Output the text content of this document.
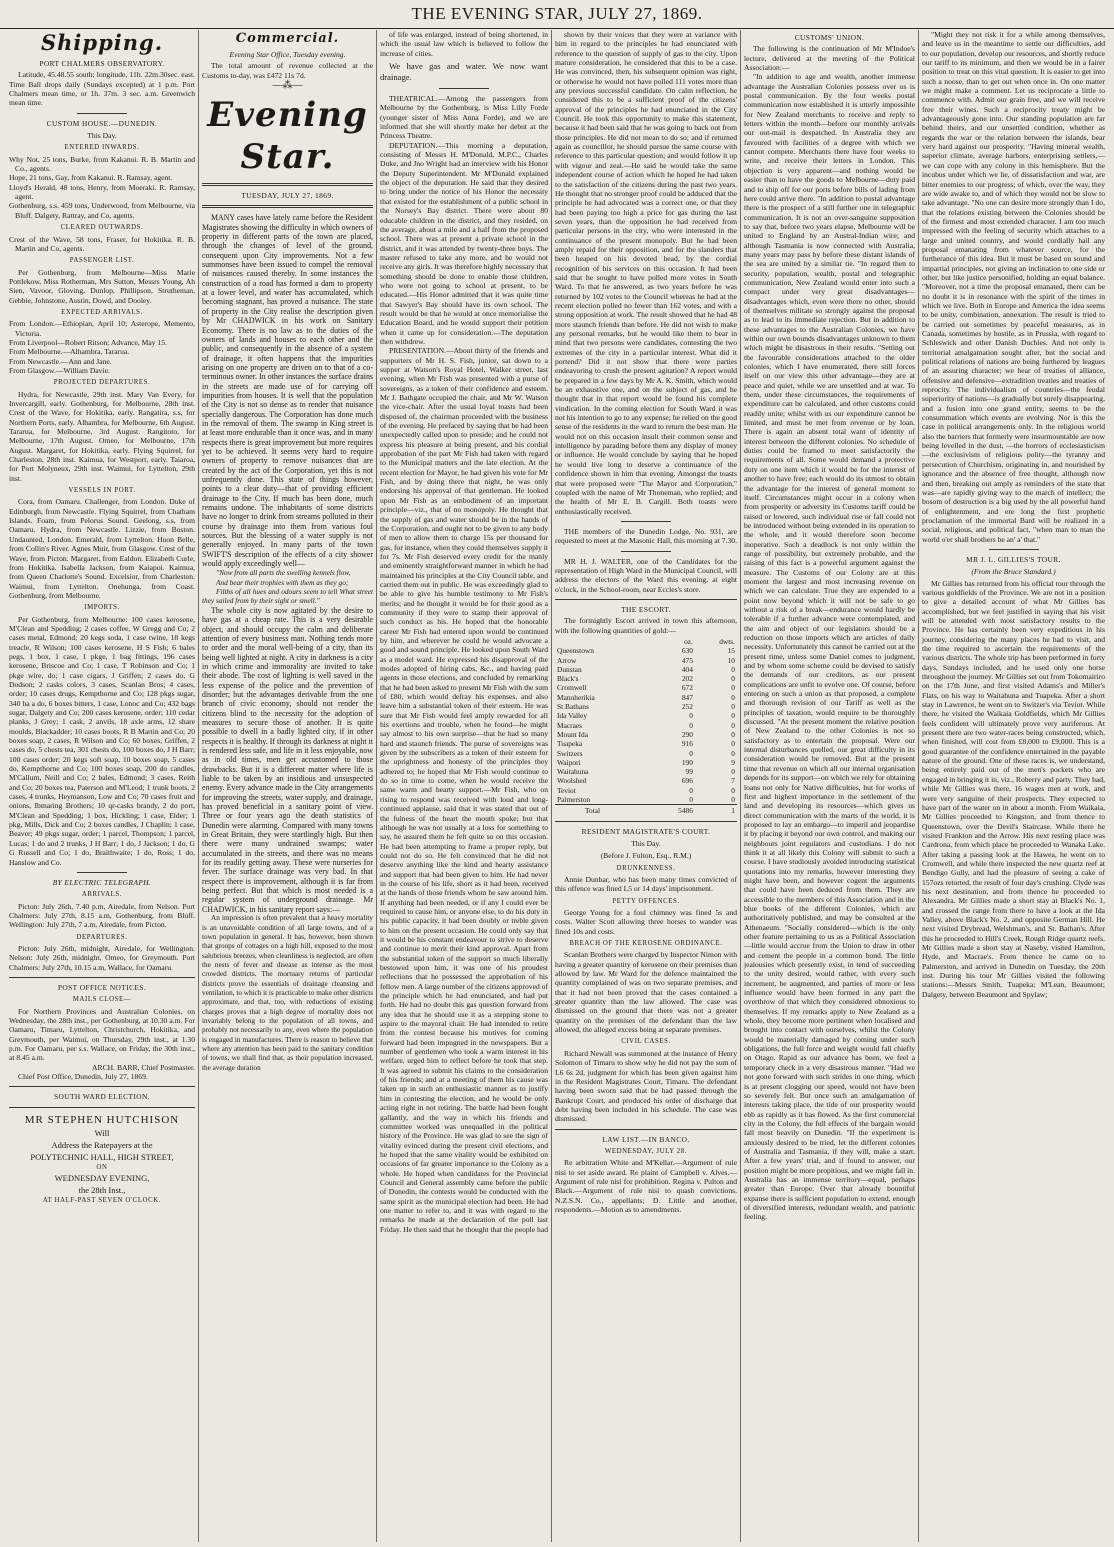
THE EVENING STAR, JULY 27, 1869.

Shipping.

PORT CHALMERS OBSERVATORY.

Latitude, 45.48.55 south; longitude, 11h. 22m.30sec. east. Time Ball drops daily (Sundays excepted) at 1 p.m. Port Chalmers mean time, or 1h. 37m. 3 sec. a.m. Greenwich mean time.

CUSTOM HOUSE.—DUNEDIN.

This Day.

ENTERED INWARDS.

Why Not, 25 tons, Burke, from Kakanui. R. B. Martin and Co., agents.

Hope, 21 tons, Gay, from Kakanui. R. Ramsay, agent.

Lloyd's Herald, 48 tons, Henry, from Moeraki. R. Ramsay, agent.

Gothenburg, s.s. 459 tons, Underwood, from Melbourne, via Bluff. Dalgety, Rattray, and Co, agents.

CLEARED OUTWARDS.

Crest of the Wave, 58 tons, Fraser, for Hokitika. R. B. Martin and Co, agents.

PASSENGER LIST.

Per Gothenburg, from Melbourne—Miss Marie Pottlekow, Miss Rotherman, Mrs Sutton, Messrs Young, Ah Sien, Vavoor, Gloving, Dunlop, Phillipson, Strutheman, Gebbie, Johnstone, Austin, Dowd, and Dooley.

EXPECTED ARRIVALS.

From London.—Ethiopian, April 10; Asterope, Memento, Victoria.

From Liverpool—Robert Ritson; Advance, May 15.

From Melbourne.—Alhambra, Tararua.

From Newcastle.—Ann and Jane.

From Glasgow.—William Davie.

PROJECTED DEPARTURES.

Hydra, for Newcastle, 29th inst. Mary Van Every, for Invercargill, early. Gothenburg, for Melbourne, 28th inst. Crest of the Wave, for Hokitika, early. Rangatira, s.s, for Northern Ports, early. Alhambra, for Melbourne, 6th August. Tararua, for Melbourne, 3rd August. Rangitoto, for Melbourne, 17th August. Omeo, for Melbourne, 17th August. Margaret, for Hokitika, early. Flying Squirrel, for Charleston, 28th inst. Kaimua, for Westport, early. Taiaroa, for Port Molyneux, 29th inst. Waimui, for Lyttelton, 29th inst.

VESSELS IN PORT.

Cora, from Oamaru. Challenger, from London. Duke of Edinburgh, from Newcastle. Flying Squirrel, from Chatham Islands. Foam, from Pelorus Sound. Geelong, s.s, from Oamaru. Hydra, from Newcastle. Lizzie, from Boston. Undaunted, London. Emerald, from Lyttelton. Huon Belle, from Collin's River. Agnes Muir, from Glasgow. Crest of the Wave, from Picton. Margaret, from Ealdon. Elizabeth Curle, from Hokitika. Isabella Jackson, from Kaiapoi. Kaimua, from Queen Charlotte's Sound. Excelsior, from Charleston. Waimui, from Lyttelton. Onehunga, from Coast. Gothenburg, from Melbourne.

IMPORTS.

Per Gothenburg, from Melbourne: 100 cases kerosene, M'Clean and Spedding; 2 cases coffee, W Gregg and Co; 2 cases metal, Edmond; 20 kegs soda, 1 case twine, 18 kegs treacle, R Wilson; 100 cases kerosene, H S Fish; 6 bales pegs, 1 box, 1 case, 1 pkge, 1 bag fittings, 196 cases kerosene, Briscoe and Co; 1 case, T Robinson and Co; 1 pkge wire, do; 1 case cigars, J Griffen; 2 cases do, G Dodson; 2 casks colors, 3 cases, Scanlan Bros; 4 cases, order; 10 cases drugs, Kempthorne and Co; 128 pkgs sugar, 340 ha a do, 6 boxes bitters, 1 case, Lonoc and Co; 432 bags sugar, Dalgety and Co; 200 cases kerosene, order; 110 cedar planks, J Grey; 1 cask, 2 anvils, 18 axle arms, 12 share moulds, Blackadder; 10 cases boots, R B Martin and Co; 20 boxes soap, 2 cases, R Wilson and Co; 60 boxes, Griffen, 2 cases do, 5 chests tea, 301 chests do, 100 boxes do, J H Barr; 100 cases order; 20 kegs soft soap, 10 boxes soap, 5 cases do, Kempthorne and Co; 100 boxes soap, 200 do candles, M'Callum, Neill and Co; 2 bales, Edmond; 3 cases, Reith and Co; 20 boxes tea, Paterson and M'Leod; 1 trunk boots, 2 cases, 4 trunks, Heymanson, Low and Co; 70 cases fruit and onions, Ibmaring Brothers; 10 qr-casks brandy, 2 do port, M'Clean and Spedding; 1 box, Hickling; 1 case, Elder; 1 pkg, Mills, Dick and Co; 2 boxes candles, J Chaplin; 1 case, Beaver; 49 pkgs sugar, order; 1 parcel, Thompson; 1 parcel, Lucas; 1 do and 2 trunks, J H Barr; 1 do, J Jackson; 1 do, G G Russell and Co; 1 do, Braithwaite; 1 do, Ross; 1 do, Hanslow and Co.

BY ELECTRIC TELEGRAPH.

ARRIVALS.

Picton: July 26th, 7.40 p.m, Airedale, from Nelson. Port Chalmers: July 27th, 8.15 a.m, Gothenburg, from Bluff. Wellington: July 27th, 7 a.m, Airedale, from Picton.

DEPARTURES.

Picton: July 26th, midnight, Airedale, for Wellington. Nelson: July 26th, midnight, Omeo, for Greymouth. Port Chalmers: July 27th, 10.15 a.m, Wallace, for Oamaru.

POST OFFICE NOTICES.

MAILS CLOSE—

For Northern Provinces and Australian Colonies, on Wednesday, the 28th inst., per Gothenburg, at 10.30 a.m. For Oamaru, Timaru, Lyttelton, Christchurch, Hokitika, and Greymouth, per Waimui, on Thursday, 29th inst., at 1.30 p.m. For Oamaru, per s.s. Wallace, on Friday, the 30th inst., at 8.45 a.m.

ARCH. BARR, Chief Postmaster.

Chief Post Office, Dunedin, July 27, 1869.

SOUTH WARD ELECTION.

MR STEPHEN HUTCHISON

Will

Address the Ratepayers at the

POLYTECHNIC HALL, HIGH STREET,

ON

WEDNESDAY EVENING,

the 28th Inst.,

AT HALF-PAST SEVEN O'CLOCK.

Commercial.

Evening Star Office, Tuesday evening.

The total amount of revenue collected at the Customs to-day, was £472 11s 7d.

—⁂—

Evening Star.

TUESDAY, JULY 27, 1869.

MANY cases have lately came before the Resident Magistrates showing the difficulty in which owners of property in different parts of the town are placed, through the changes of level of the ground, consequent upon City improvements. Not a few summonses have been issued to compel the removal of nuisances caused thereby. In some instances the construction of a road has formed a dam to property at a lower level, and water has accumulated, which becoming stagnant, has proved a nuisance. The state of property in the City realise the description given by Mr CHADWICK in his work on Sanitary Economy. There is no law as to the duties of the owners of lands and houses to each other and the public, and consequently in the absence of a system of drainage, it often happens that the impurities arising on one property are driven on to that of a co-terminous owner. In other instances the surface drains in the streets are made use of for carrying off impurities from houses. It is well that the population of the City is not so dense as to render that nuisance specially dangerous. The Corporation has done much in the removal of them. The swamp in King street is at least more endurable than it once was, and in many respects there is great improvement but more requires yet to be achieved. It seems very hard to require owners of property to remove nuisances that are created by the act of the Corporation, yet this is not unfrequently done. This state of things however, points to a clear duty—that of providing efficient drainage to the City. If much has been done, much remains undone. The inhabitants of some districts have no longer to drink from streams polluted in their course by drainage into them from various foul sources. But the blessing of a water supply is not generally enjoyed. In many parts of the town SWIFT'S description of the effects of a city shower would apply exceedingly well—

"Now from all parts the swelling kennels flow,

And bear their trophies with them as they go;

Filths of all hues and odours seem to tell What street they sailed from by their sight or smell."

The whole city is now agitated by the desire to have gas at a cheap rate. This is a very desirable object, and should occupy the calm and deliberate attention of every business man. Nothing tends more to order and the moral well-being of a city, than its being well lighted at night. A city in darkness is a city in which crime and immorality are invited to take their abode. The cost of lighting is well saved in the less expense of the police and the prevention of disorder; but the advantages derivable from the one branch of civic economy, should not render the citizens blind to the necessity for the adoption of measures to secure those of another. It is quite possible to dwell in a badly lighted city, if in other respects it is healthy. If through its darkness at night it is rendered less safe, and life in it less enjoyable, now as in old times, men get accustomed to those drawbacks. But it is a different matter where life is liable to be taken by an insidious and unsuspected enemy. Every advance made in the City arrangements for improving the streets, water supply, and drainage, has proved beneficial in a sanitary point of view. Three or four years ago the death statistics of Dunedin were alarming. Compared with many towns in Great Britain, they were startlingly high. But then there were many undrained swamps; water accumulated in the streets, and there was no means for its readily getting away. These were nurseries for fever. The surface drainage was very bad. In that respect there is improvement, although it is far from being perfect. But that which is most needed is a regular system of underground drainage. Mr CHADWICK, in his sanitary report says:—

An impression is often prevalent that a heavy mortality is an unavoidable condition of all large towns, and of a town population in general. It has, however, been shown that groups of cottages on a high hill, exposed to the most salubrious breezes, when cleanliness is neglected, are often the nests of fever and disease as intense as the most crowded districts. The mortuary returns of particular districts prove the essentials of drainage cleansing and ventilation, to which it is practicable to make other districts approximate, and that, too, with reductions of existing charges proves that a high degree of mortality does not invariably belong to the population of all towns, and probably not necessarily to any, even where the population is engaged in manufactures. There is reason to believe that where any attention has been paid to the sanitary condition of towns, we shall find that, as their population increased, the average duration

of life was enlarged, instead of being shortened, in which the usual law which is believed to follow the increase of cities.

We have gas and water. We now want drainage.

THEATRICAL.—Among the passengers from Melbourne by the Gothenburg, is Miss Lilly Forde (younger sister of Miss Anna Forde), and we are informed that she will shortly make her debut at the Princess Theatre.

DEPUTATION.—This morning a deputation, consisting of Messrs H. M'Donald, M.P.C., Charles Duke, and Jno Wright had an interview with his Honor the Deputy Superintendent. Mr M'Donald explained the object of the deputation. He said that they desired to bring under the notice of his Honor the necessity that existed for the establishment of a public school in the Norsey's Bay district. There were about 80 educable children in the district, and they resided, on the average, about a mile and a half from the proposed school. There was at present a private school in the district, and it was attended by twenty-three boys. The master refused to take any more, and he would not receive any girls. It was therefore highly necessary that something should be done to enable those children, who were not going to school at present, to be educated.—His Honor admitted that it was quite time that Sawyer's Bay should have its own school. The result would be that he would at once memorialise the Education Board, and he would support their petition when it came up for consideration.—The deputation then withdrew.

PRESENTATION.—About thirty of the friends and supporters of Mr H. S. Fish, junior, sat down to a supper at Watson's Royal Hotel, Walker street, last evening, when Mr Fish was presented with a purse of sovereigns, as a token of their confidence and esteem. Mr J. Bathgate occupied the chair, and Mr W. Watson the vice-chair. After the usual loyal toasts had been disposed of, the chairman proceeded with the business of the evening. He prefaced by saying that he had been unexpectedly called upon to preside; and he could not express his pleasure at being present, and his cordial approbation of the part Mr Fish had taken with regard to the Municipal matters and the late election. At the recent election for Mayor, he had given his vote for Mr Fish, and by doing there that night, he was only endorsing his approval of that gentleman. He looked upon Mr Fish as an embodiment of an important principle—viz., that of no monopoly. He thought that the supply of gas and water should be in the hands of the Corporation, and ought not to be given to any body of men to allow them to charge 15s per thousand for gas, for instance, when they could themselves supply it for 7s. Mr Fish deserved every credit for the manly and eminently straightforward manner in which he had maintained his principles at the City Council table, and carried them out in public. He was exceedingly glad to be able to give his humble testimony to Mr Fish's merits; and he thought it would be for their good as a community if they were to stamp their approval of such conduct as his. He hoped that the honorable career Mr Fish had entered upon would be continued by him, and wherever he could he would advocate a good and sound principle. He looked upon South Ward as a model ward. He expressed his disapproval of the modes adopted of hiring cabs, &c., and having paid agents in those elections, and concluded by remarking that he had been asked to present Mr Fish with the sum of £80, which would defray his expenses, and also leave him a substantial token of their esteem. He was sure that Mr Fish would feel amply rewarded for all his exertions and trouble, when he found—he might say almost to his own surprise—that he had so many hard and staunch friends. The purse of sovereigns was given by the subscribers as a token of their esteem for the uprightness and honesty of the principles they adhered to; he hoped that Mr Fish would continue to do so in time to come, when he would receive the same warm and hearty support.—Mr Fish, who on rising to respond was received with loud and long-continued applause, said that it was stated that out of the fulness of the heart the mouth spoke; but that although he was not usually at a loss for something to say, he assured them he felt quite so on this occasion. He had been attempting to frame a proper reply, but could not do so. He felt convinced that he did not deserve anything like the kind and hearty assistance and support that had been given to him. He had never in the course of his life, short as it had been, received at the hands of those friends whom he saw around him. If anything had been needed, or if any I could ever be required to cause him, or anyone else, to do his duty in his public capacity, it had been doubly or treble given to him on the present occasion. He could only say that it would be his constant endeavour to strive to deserve and continue to merit their kind approval. Apart from the substantial token of the support so much liberally bestowed upon him, it was one of his proudest reflections that he possessed the approbation of his fellow men. A large number of the citizens approved of the principle which he had enunciated, and had put forth. He had no doubt this gas question forward from any idea that he should use it as a stepping stone to aspire to the mayoral chair. He had intended to retire from the contest because his motives for coming forward had been impugned in the newspapers. But a number of gentlemen who took a warm interest in his welfare, urged him to reflect before he took that step. It was agreed to submit his claims to the consideration of his friends; and at a meeting of them his cause was taken up in such an enthusiastic manner as to justify him in contesting the election, and he would be only acting right in not retiring. The battle had been fought gallantly, and the way in which his friends and committee worked was unequalled in the political history of the Province. He was glad to see the sign of vitality evinced during the present civil elections, and he hoped that the same vitality would be exhibited on occasions of far greater importance to the Colony as a whole. He hoped when candidates for the Provincial Council and General assembly came before the public of Dunedin, the contests would be conducted with the same spirit as the municipal election had been. He had one matter to refer to, and it was with regard to the remarks he made at the declaration of the poll last Friday. He then said that he thought that the people had

shown by their voices that they were at variance with him in regard to the principles he had enunciated with reference to the question of supply of gas to the city. Upon mature consideration, he considered that this to be a case. He was convinced, then, his subsequent opinion was right, or otherwise he would not have polled 111 votes more than any previous successful candidate. On calm reflection, he considered this to be a sufficient proof of the citizens' approval of the principles he had enunciated in the City Council. He took this opportunity to make this statement, because it had been said that he was going to back out from those principles. He did not mean to do so; and if returned again as councillor, he should pursue the same course with reference to this particular question; and would follow it up with vigour and zeal.—He said he would take the same independent course of action which he hoped he had taken to the satisfaction of the citizens during the past two years. He thought that no stronger proof could be adduced that the principle he had advocated was a correct one, or that they had been paying too high a price for gas during the last seven years, than the opposition he had received from particular persons in the city, who were interested in the continuance of the present monopoly. But he had been amply repaid for their opposition, and for the slanders that been heaped on his devoted head, by the cordial recognition of his services on this occasion. It had been said that he sought to have polled more votes in South Ward. To that he answered, as two years before he was returned by 102 votes to the Council whereas he had at the recent election polled no fewer than 162 votes, and with a strong opposition at work. The result showed that he had 48 more staunch friends than before. He did not wish to make any personal remarks, but he would like them to bear in mind that two persons were candidates, contesting the two extremes of the city in a particular interest. What did it portend? Did it not show that there were parties endeavoring to crush the present agitation? A report would be prepared in a few days by Mr A. K. Smith, which would be an exhaustive one, and on the subject of gas, and he thought that in that report would be found his complete vindication. In the coming election for South Ward it was not his intention to go to any expense; he relied on the good sense of the residents in the ward to return the best man. He would not on this occasion insult their common sense and intelligence by parading before them any display of money or influence. He would conclude by saying that he hoped he would live long to deserve a continuance of the confidence shown in him that evening. Amongst the toasts that were proposed were "The Mayor and Corporation," coupled with the name of Mr Thoneman, who replied; and the health of Mr E. B. Cargill. Both toasts were enthusiastically received.

THE members of the Dunedin Lodge, No. 931, are requested to meet at the Masonic Hall, this morning at 7.30.

MR H. J. WALTER, one of the Candidates for the representation of High Ward in the Municipal Council, will address the electors of the Ward this evening, at eight o'clock, in the School-room, near Eccles's store.

THE ESCORT.

The fortnightly Escort arrived in town this afternoon, with the following quantities of gold:—

	oz.	dwts.
Queenstown	630	15
Arrow	475	10
Dunstan	404	0
Black's	202	0
Cromwell	672	0
Manuherikia	847	0
St Bathans	252	0
Ida Valley	0	0
Macraes	0	0
Mount Ida	290	0
Tuapeka	916	0
Switzers	0	0
Waipori	190	9
Waitahuna	99	0
Woolshed	696	7
Teviot	0	0
Palmerston	0	0
Total	5486	1

RESIDENT MAGISTRATE'S COURT.

This Day.

(Before J. Fulton, Esq., R.M.)

DRUNKENNESS.

Annie Dunbar, who has been many times convicted of this offence was fined L5 or 14 days' imprisonment.

PETTY OFFENCES.

George Young for a foul chimney was fined 5s and costs. Walter Scott allowing three horses to wander was fined 10s and costs.

BREACH OF THE KEROSENE ORDINANCE.

Scanlan Brothers were charged by Inspector Nimon with having a greater quantity of kerosene on their premises than allowed by law. Mr Ward for the defence maintained the quantity complained of was on two separate premises, and that it had not been proved that the cases contained a greater quantity than the law allowed. The case was dismissed on the ground that there was not a greater quantity on the premises of the defendant than the law allowed, the alleged excess being at separate premises.

CIVIL CASES.

Richard Newall was summoned at the instance of Henry Solomon of Timaru to show why he did not pay the sum of L6 6s 2d, judgment for which has been given against him in the Resident Magistrates Court, Timaru. The defendant having been sworn said that he had passed through the Bankrupt Court, and produced his order of discharge that debt having been included in his schedule. The case was dismissed.

LAW LIST.—IN BANCO.

WEDNESDAY, JULY 28.

Re arbitration White and M'Kellar.—Argument of rule nisi to set aside award. Re plaint of Campbell v. Alves.—Argument of rule nisi for prohibition. Regina v. Pulton and Black.—Argument of rule nisi to quash convictions. N.Z.S.N. Co., appellants; D. Little and another, respondents.—Motion as to amendments.

CUSTOMS' UNION.

The following is the continuation of Mr M'Indoe's lecture, delivered at the meeting of the Political Association:—

"In addition to age and wealth, another immense advantage the Australian Colonies possess over us is postal communication. By the four weeks postal communication now established it is utterly impossible for New Zealand merchants to receive and reply to letters within the month—before our monthly arrivals our out-mail is despatched. In Australia they are favoured with facilities of a degree with which we cannot compete. Merchants there have four weeks to write, and receive their letters in London. This objection is very apparent—and nothing would be easier than to have the goods to Melbourne—duty paid and to ship off for our ports before bills of lading from here could arrive there. "In addition to postal advantage there is the prospect of a still further one in telegraphic communication. It is not an over-sanguine supposition to say that, before two years elapse, Melbourne will be united to England by an Austral-Indian wire; and although Tasmania is now connected with Australia, many years may pass by before these distant islands of the sea are united by a similar tie. "In regard then to security, population, wealth, postal and telegraphic communication, New Zealand would enter into such a compact under very great disadvantages—disadvantages which, even were there no other, should of themselves militate so strongly against the proposal as to lead to its immediate rejection. But in addition to these advantages to the Australian Colonies, we have within our own bounds disadvantages unknown to them which might be disastrous in their results. "Setting out the favourable considerations attached to the older colonies, which I have enumerated, there still forces itself on our view this other advantage—they are at peace and quiet, while we are unsettled and at war. To them, under these circumstances, the requirements of expenditure can be calculated, and other customs could readily unite; whilst with us our expenditure cannot be limited, and must be met from revenue or by loan. There is again an absent total want of identity of interest between the different colonies. No schedule of duties could be framed to meet satisfactorily the requirements of all. Some would demand a protective duty on one item which it would be for the interest of another to have free; each would do its utmost to obtain the advantage for the interest of general moment to itself. Circumstances might occur in a colony when from prosperity or adversity its Customs tariff could be raised or lowered, such individual rise or fall could not be introduced without being extended in its operation to the whole, and it would therefore soon become inoperative. Such a deadlock is not only within the range of possibility, but extremely probable, and the raising of this fact is a powerful argument against the measure. The Customs of our Colony are at this moment the largest and most increasing revenue on which we can calculate. True they are expended to a point now beyond which it will not be safe to go without a risk of a break—endurance would hardly be tolerable if a further advance were contemplated, and the aim and object of our legislators should be a reduction on those imports which are articles of daily necessity. Unfortunately this cannot be carried out at the present time, unless some Daniel comes to judgment, and by whom some scheme could be devised to satisfy the demands of our creditors, as our present complications are unfit to evolve one. Of course, before entering on such a union as that proposed, a complete and thorough revision of our Tariff as well as the principles of taxation, would require to be thoroughly discussed. "At the present moment the relative position of New Zealand to the other Colonies is not so satisfactory as to entertain the proposal. Were our internal disturbances quelled, our great difficulty in its consideration would be removed. But at the present time that revenue on which all our internal organisation depends for its support—on which we rely for obtaining loans not only for Native difficulties, but for works of first and highest importance in the settlement of the land and developing its resources—which gives us direct communication with the marts of the world, it is proposed to lay an embargo—to imperil and jeopardise it by placing it beyond our own control, and making our neighbours joint regulators and custodians. I do not think it at all likely this Colony will submit to such a course. I have studiously avoided introducing statistical quotations into my remarks, however interesting they might have been, and however cogent the arguments that could have been deduced from them. They are accessible to the members of this Association and in the blue books of the different Colonies, which are authoritatively published, and may be consulted at the Athenaeum. "Socially considered—which is the only other feature pertaining to us as a Political Association—little would accrue from the Union to draw in other and cement the people in a common bond. The little jealousies which presently exist, in tend of succeeding to the unity desired, would rather, with every such increment, be augmented, and parties of more or less influence would have been formed in any part the overthrow of that which they considered obnoxious to themselves. If my remarks apply to New Zealand as a whole, they become more pertinent when localised and brought into contact with ourselves, whilst the Colony would be materially damaged by coming under such obligations, the full force and weight would fall chiefly on Otago. Rapid as our advance has been, we feel a temporary check in a very disastrous manner. "Had we not gone forward with such strides in one thing, which is at present clogging our speed, would not have been so severely felt. But once such an amalgamation of interests taking place, the tide of our prosperity would ebb as rapidly as it has flowed. As the first commercial city in the Colony, the full effects of the bargain would fall most heavily on Dunedin. "If the experiment is anxiously desired to be tried, let the different colonies of Australia and Tasmania, if they will, make a start. After a few years' trial, and if found to answer, our position might be more propitious, and we might fall in. Australia has an immense territory—equal, perhaps greater than Europe. Over that already bountiful expanse there is sufficient population to extend, enough of diversified interests, redundant wealth, and patriotic feeling.

"Might they not risk it for a while among themselves, and leave us in the meantime to settle our difficulties, add to our population, develop our resources, and shortly reduce our tariff to its minimum, and then we would be in a fairer position to treat on this vital question. It is easier to get into such a noose, than to get out when once in. On one matter we might make a comment. Let us reciprocate a little to commence with. Admit our grain free, and we will receive free their wines. Such a reciprocity treaty might be advantageously gone into. Our standing population are far behind theirs, and our unsettled condition, whether as regards the war or the relation between the islands, bear very hard against our prosperity. "Having mineral wealth, superior climate, average harbors, enterprising settlers,—we can cope with any colony in this hemisphere. But the incubus under which we lie, of dissatisfaction and war, are bitter enemies to our progress; of which, over the way, they are wide awake to, and of which they would not be slow to take advantage. "No one can desire more strongly than I do, that the relations existing between the Colonies should be of the firmest and most extended character. I am too much impressed with the feeling of security which attaches to a large and united country, and would cordially hail any proposal emanating from whatever source, for the furtherance of this idea. But it must be based on sound and impartial principles, not giving an inclination to one side or other, but like justice personified, holding an equal balance. "Moreover, not a time the proposal emanated, there can be no doubt it is in resonance with the spirit of the times in which we live. Both in Europe and America the idea seems to be unity, combination, annexation. The result is tried to be carried out sometimes by peaceful measures, as in Canada, sometimes by hostile, as in Prussia, with regard to Schleswick and other Danish Duchies. And not only is territorial amalgamation sought after, but the social and political relations of nations are being furthered by leagues of an assuring character; we hear of treaties of alliance, offensive and defensive—extradition treaties and treaties of reprocity. The individualism of countries—the feudal superiority of nations—is gradually but surely disappearing, and a fusion into one grand entity, seems to be the consummation which events are evolving. Nor is this the case in political arrangements only. In the religious world also the barriers that formerly were insurmountable are now being levelled in the dust, —the horrors of ecclesiasticism—the exclusivism of religious polity—the tyranny and persecution of Churchism, originating in, and nourished by ignorance and the absence of free thought, although now and then, breaking out amply as reminders of the state that was—are rapidly giving way to the march of intellect; the bosom of destruction is a big used by the all powerful hand of enlightenment, and ere long the first prophetic proclamation of the immortal Bard will be realized in a social, religious, and political fact, "when man to man the world o'er shall brothers be an' a' that."

MR J. L. GILLIES'S TOUR.

(From the Bruce Standard.)

Mr Gillies has returned from his official tour through the various goldfields of the Province. We are not in a position to give a detailed account of what Mr Gillies has accomplished, but we feel justified in saying that his visit will be attended with most satisfactory results to the Province. He has certainly been very expeditious in his journey, considering the many places he had to visit, and the time required to ascertain the requirements of the various districts. The whole trip has been performed in forty days, Sundays included, and he used only one horse throughout the journey. Mr Gillies set out from Tokomairiro on the 17th June, and first visited Adams's and Miller's Flats, on his way to Waitahuna and Tuapeka. After a short stay in Lawrence, he went on to Switzer's via Teviot. While there, he visited the Waikaia Goldfields, which Mr Gillies feels confident will ultimately prove very auriferous. At present there are two water-races being constructed, which, when finished, will cost from £8,000 to £9,000. This is a good guarantee of the confidence entertained in the payable nature of the ground. One of these races is, we understand, being entirely paid out of the men's pockets who are engaged in bringing it in, viz., Roberry and party. They had, while Mr Gillies was there, 16 wages men at work, and were very sanguine of their prospects. They expected to have part of the water on in about a month. From Waikaia, Mr Gillies proceeded to Kingston, and from thence to Queenstown, over the Devil's Staircase. While there he visited Frankton and the Arrow. His next resting place was Cardrona, from which place he proceeded to Wanaka Lake. After taking a passing look at the Hawea, he went on to Cromwell, and while there inspected the new quartz reef at Bendigo Gully, and had the pleasure of seeing a cake of 157ozs retorted, the result of four day's crushing. Clyde was his next destination, and from thence he proceeded to Alexandra. Mr Gillies made a short stay at Black's No. 1, and crossed the range from there to have a look at the Ida Valley, above Black's No. 2, and opposite German Hill. He next visited Drybread, Welshman's, and St. Bathan's. After this he proceeded to Hill's Creek, Rough Ridge quartz reefs. Mr Gillies made a short stay at Naseby, visited Hamilton, Hyde, and Macrae's. From thence he came on to Palmerston, and arrived in Dunedin on Tuesday, the 20th inst. During his tour Mr Gillies visited the following stations:—Messrs Smith, Tuapeka; M'Lean, Beaumont; Dalgety, between Beaumont and Spylaw;
